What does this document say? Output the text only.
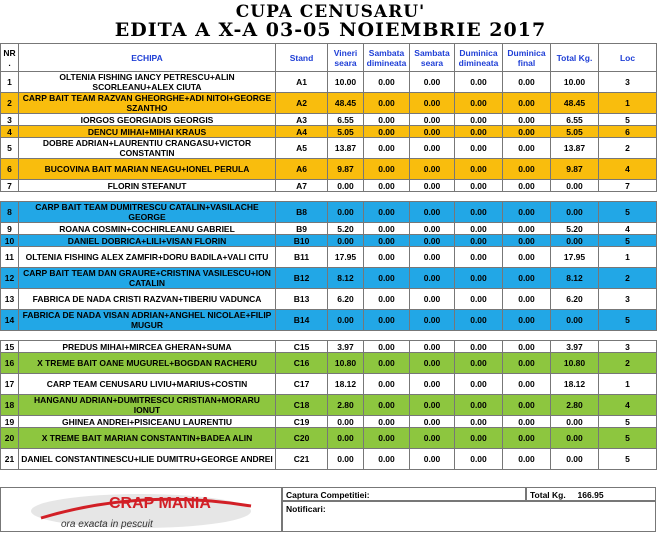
CUPA CENUSARU'
EDITA A X-A 03-05 NOIEMBRIE 2017
NR .	ECHIPA	Stand	Vineri seara	Sambata dimineata	Sambata seara	Duminica dimineata	Duminica final	Total Kg.	Loc
1	OLTENIA FISHING IANCY PETRESCU+ALIN SCORLEANU+ALEX CIUTA	A1	10.00	0.00	0.00	0.00	0.00	10.00	3
2	CARP BAIT TEAM RAZVAN GHEORGHE+ADI NITOI+GEORGE SZANTHO	A2	48.45	0.00	0.00	0.00	0.00	48.45	1
3	IORGOS GEORGIADIS GEORGIS	A3	6.55	0.00	0.00	0.00	0.00	6.55	5
4	DENCU MIHAI+MIHAI KRAUS	A4	5.05	0.00	0.00	0.00	0.00	5.05	6
5	DOBRE ADRIAN+LAURENTIU CRANGASU+VICTOR CONSTANTIN	A5	13.87	0.00	0.00	0.00	0.00	13.87	2
6	BUCOVINA BAIT MARIAN NEAGU+IONEL PERULA	A6	9.87	0.00	0.00	0.00	0.00	9.87	4
7	FLORIN STEFANUT	A7	0.00	0.00	0.00	0.00	0.00	0.00	7

8	CARP BAIT TEAM DUMITRESCU CATALIN+VASILACHE GEORGE	B8	0.00	0.00	0.00	0.00	0.00	0.00	5
9	ROANA COSMIN+COCHIRLEANU GABRIEL	B9	5.20	0.00	0.00	0.00	0.00	5.20	4
10	DANIEL DOBRICA+LILI+VISAN FLORIN	B10	0.00	0.00	0.00	0.00	0.00	0.00	5
11	OLTENIA FISHING ALEX ZAMFIR+DORU BADILA+VALI CITU	B11	17.95	0.00	0.00	0.00	0.00	17.95	1
12	CARP BAIT TEAM DAN GRAURE+CRISTINA VASILESCU+ION CATALIN	B12	8.12	0.00	0.00	0.00	0.00	8.12	2
13	FABRICA DE NADA CRISTI RAZVAN+TIBERIU VADUNCA	B13	6.20	0.00	0.00	0.00	0.00	6.20	3
14	FABRICA DE NADA VISAN ADRIAN+ANGHEL NICOLAE+FILIP MUGUR	B14	0.00	0.00	0.00	0.00	0.00	0.00	5

15	PREDUS MIHAI+MIRCEA GHERAN+SUMA	C15	3.97	0.00	0.00	0.00	0.00	3.97	3
16	X TREME BAIT OANE MUGUREL+BOGDAN RACHERU	C16	10.80	0.00	0.00	0.00	0.00	10.80	2
17	CARP TEAM CENUSARU LIVIU+MARIUS+COSTIN	C17	18.12	0.00	0.00	0.00	0.00	18.12	1
18	HANGANU ADRIAN+DUMITRESCU CRISTIAN+MORARU IONUT	C18	2.80	0.00	0.00	0.00	0.00	2.80	4
19	GHINEA ANDREI+PISICEANU LAURENTIU	C19	0.00	0.00	0.00	0.00	0.00	0.00	5
20	X TREME BAIT MARIAN CONSTANTIN+BADEA ALIN	C20	0.00	0.00	0.00	0.00	0.00	0.00	5
21	DANIEL CONSTANTINESCU+ILIE DUMITRU+GEORGE ANDREI	C21	0.00	0.00	0.00	0.00	0.00	0.00	5
CRAP MANIA
ora exacta in pescuit
Captura Competitiei:	Total Kg. 166.95
Notificari:
